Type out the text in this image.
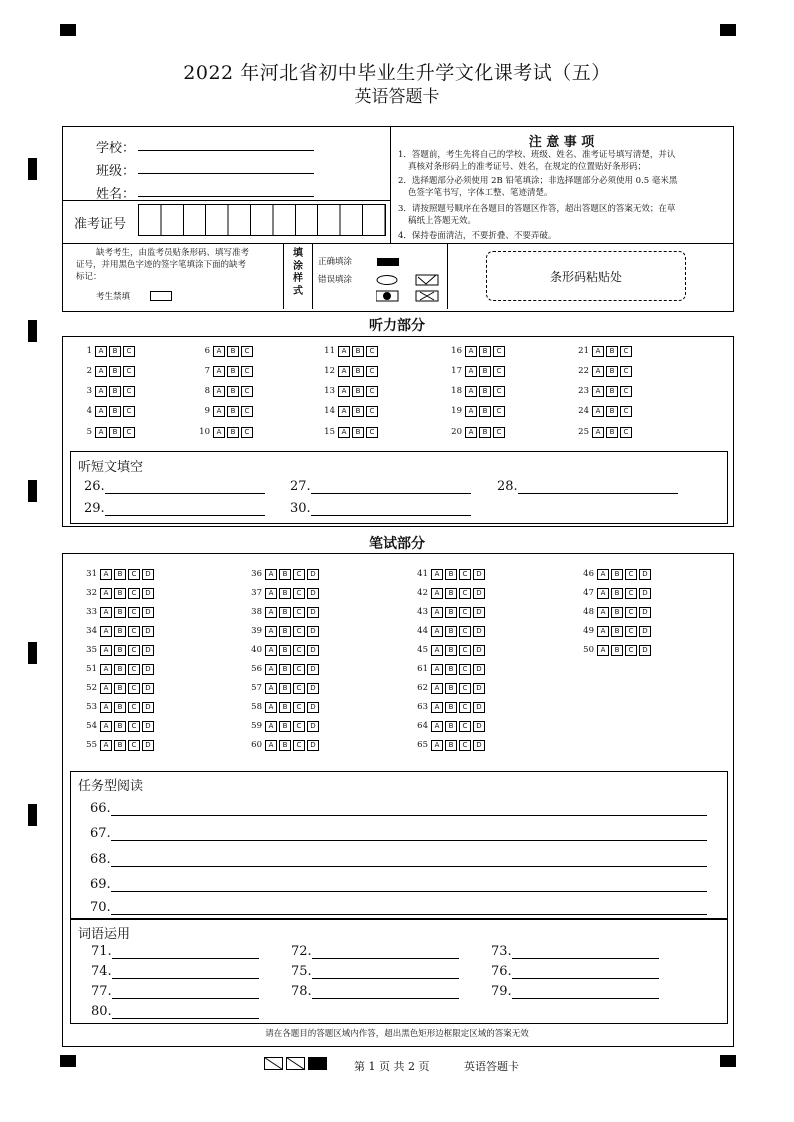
2022 年河北省初中毕业生升学文化课考试（五）
英语答题卡
学校：
班级：
姓名：
准考证号
注 意 事 项
1．答题前，考生先将自己的学校、班级、姓名、准考证号填写清楚，并认
真核对条形码上的准考证号、姓名，在规定的位置贴好条形码；
2．选择题部分必须使用 2B 铅笔填涂；非选择题部分必须使用 0.5 毫米黑
色签字笔书写，字体工整、笔迹清楚。
3．请按照题号顺序在各题目的答题区作答，超出答题区的答案无效；在草
稿纸上答题无效。
4．保持卷面清洁，不要折叠、不要弄破。
缺考考生，由监考员贴条形码、填写准考
证号，并用黑色字迹的签字笔填涂下面的缺考
标记：
考生禁填
填
涂
样
式
正确填涂
错误填涂	条形码粘贴处
听力部分
1 A B C
2 A B C
3 A B C
4 A B C
5 A B C
6 A B C
7 A B C
8 A B C
9 A B C
10 A B C
11 A B C
12 A B C
13 A B C
14 A B C
15 A B C
16 A B C
17 A B C
18 A B C
19 A B C
20 A B C
21 A B C
22 A B C
23 A B C
24 A B C
25 A B C
听短文填空
26.	27.	28.
29.	30.
笔试部分
31 A B C D
32 A B C D
33 A B C D
34 A B C D
35 A B C D
51 A B C D
52 A B C D
53 A B C D
54 A B C D
55 A B C D
36 A B C D
37 A B C D
38 A B C D
39 A B C D
40 A B C D
56 A B C D
57 A B C D
58 A B C D
59 A B C D
60 A B C D
41 A B C D
42 A B C D
43 A B C D
44 A B C D
45 A B C D
61 A B C D
62 A B C D
63 A B C D
64 A B C D
65 A B C D
46 A B C D
47 A B C D
48 A B C D
49 A B C D
50 A B C D
任务型阅读
66.
67.
68.
69.
70.
词语运用
71.	72.	73.
74.	75.	76.
77.	78.	79.
80.
请在各题目的答题区域内作答，超出黑色矩形边框限定区域的答案无效
第 1 页 共 2 页	英语答题卡
